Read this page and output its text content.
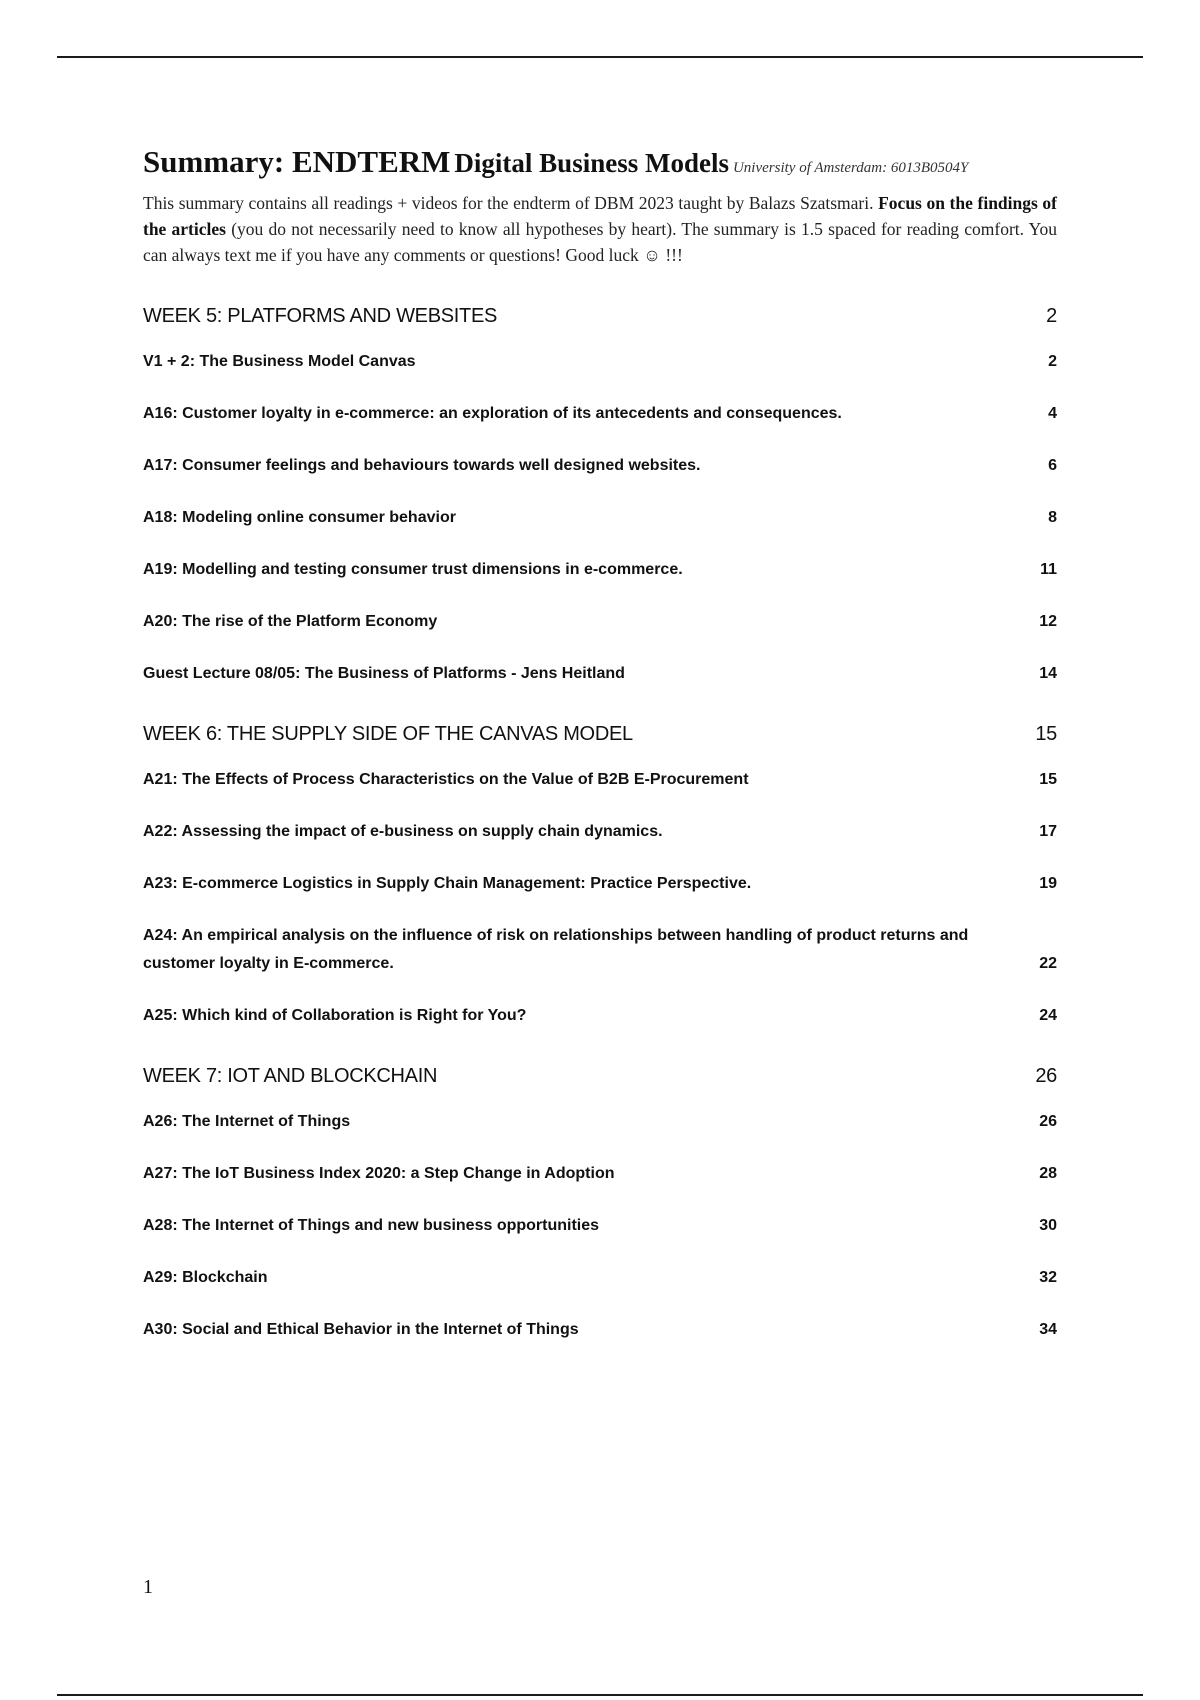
Summary: ENDTERM Digital Business Models University of Amsterdam: 6013B0504Y

This summary contains all readings + videos for the endterm of DBM 2023 taught by Balazs Szatsmari. Focus on the findings of the articles (you do not necessarily need to know all hypotheses by heart). The summary is 1.5 spaced for reading comfort. You can always text me if you have any comments or questions! Good luck ☺ !!!

WEEK 5: PLATFORMS AND WEBSITES	2
V1 + 2: The Business Model Canvas	2
A16: Customer loyalty in e-commerce: an exploration of its antecedents and consequences.	4
A17: Consumer feelings and behaviours towards well designed websites.	6
A18: Modeling online consumer behavior	8
A19: Modelling and testing consumer trust dimensions in e-commerce.	11
A20: The rise of the Platform Economy	12
Guest Lecture 08/05: The Business of Platforms - Jens Heitland	14
WEEK 6: THE SUPPLY SIDE OF THE CANVAS MODEL	15
A21: The Effects of Process Characteristics on the Value of B2B E-Procurement	15
A22: Assessing the impact of e-business on supply chain dynamics.	17
A23: E-commerce Logistics in Supply Chain Management: Practice Perspective.	19
A24: An empirical analysis on the influence of risk on relationships between handling of product returns and customer loyalty in E-commerce.	22
A25: Which kind of Collaboration is Right for You?	24
WEEK 7: IOT AND BLOCKCHAIN	26
A26: The Internet of Things	26
A27: The IoT Business Index 2020: a Step Change in Adoption	28
A28: The Internet of Things and new business opportunities	30
A29: Blockchain	32
A30: Social and Ethical Behavior in the Internet of Things	34
1
